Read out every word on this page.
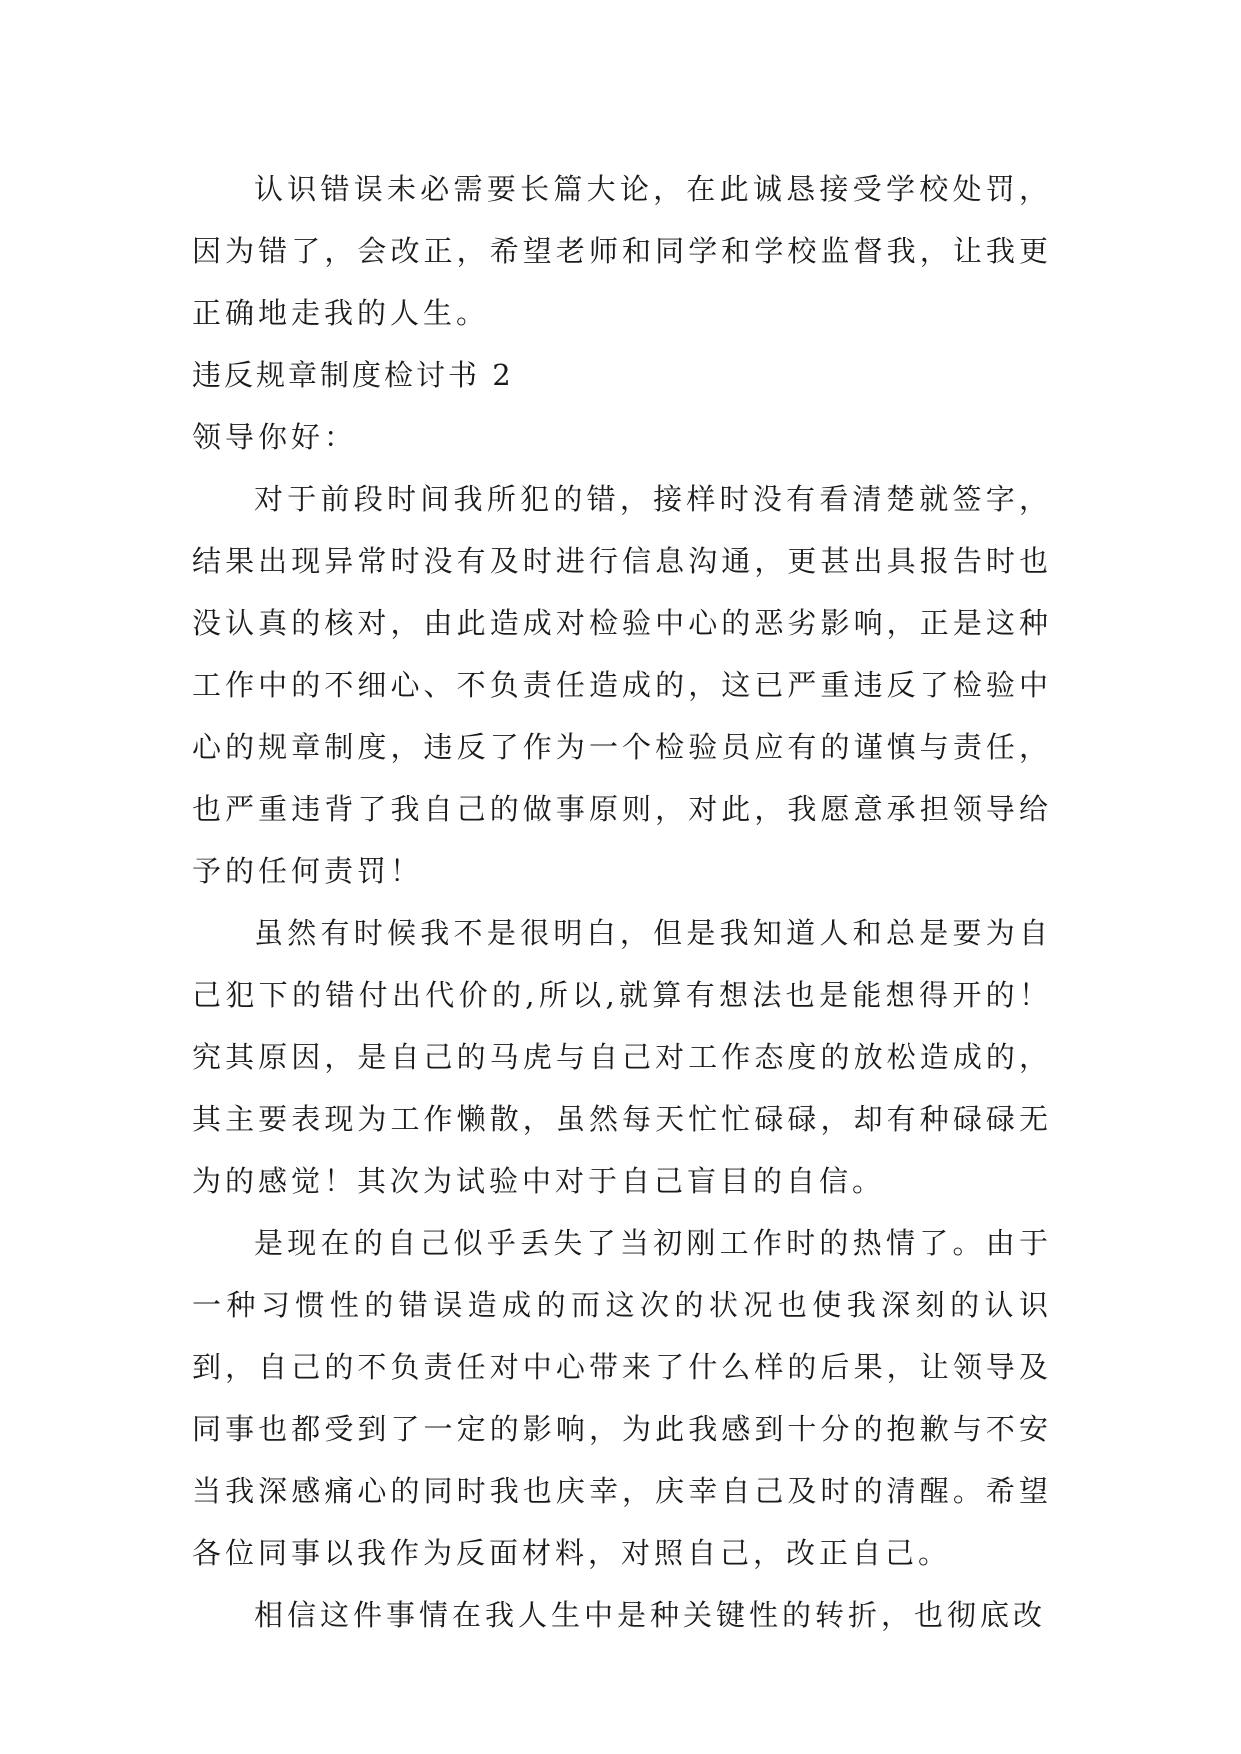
认识错误未必需要长篇大论，在此诚恳接受学校处罚，因为错了，会改正，希望老师和同学和学校监督我，让我更正确地走我的人生。

违反规章制度检讨书 2

领导你好：

对于前段时间我所犯的错，接样时没有看清楚就签字，结果出现异常时没有及时进行信息沟通，更甚出具报告时也没认真的核对，由此造成对检验中心的恶劣影响，正是这种工作中的不细心、不负责任造成的，这已严重违反了检验中心的规章制度，违反了作为一个检验员应有的谨慎与责任，也严重违背了我自己的做事原则，对此，我愿意承担领导给予的任何责罚！

虽然有时候我不是很明白，但是我知道人和总是要为自己犯下的错付出代价的,所以,就算有想法也是能想得开的！究其原因，是自己的马虎与自己对工作态度的放松造成的，其主要表现为工作懒散，虽然每天忙忙碌碌，却有种碌碌无为的感觉！其次为试验中对于自己盲目的自信。

是现在的自己似乎丢失了当初刚工作时的热情了。由于一种习惯性的错误造成的而这次的状况也使我深刻的认识到，自己的不负责任对中心带来了什么样的后果，让领导及同事也都受到了一定的影响，为此我感到十分的抱歉与不安当我深感痛心的同时我也庆幸，庆幸自己及时的清醒。希望各位同事以我作为反面材料，对照自己，改正自己。

相信这件事情在我人生中是种关键性的转折，也彻底改
